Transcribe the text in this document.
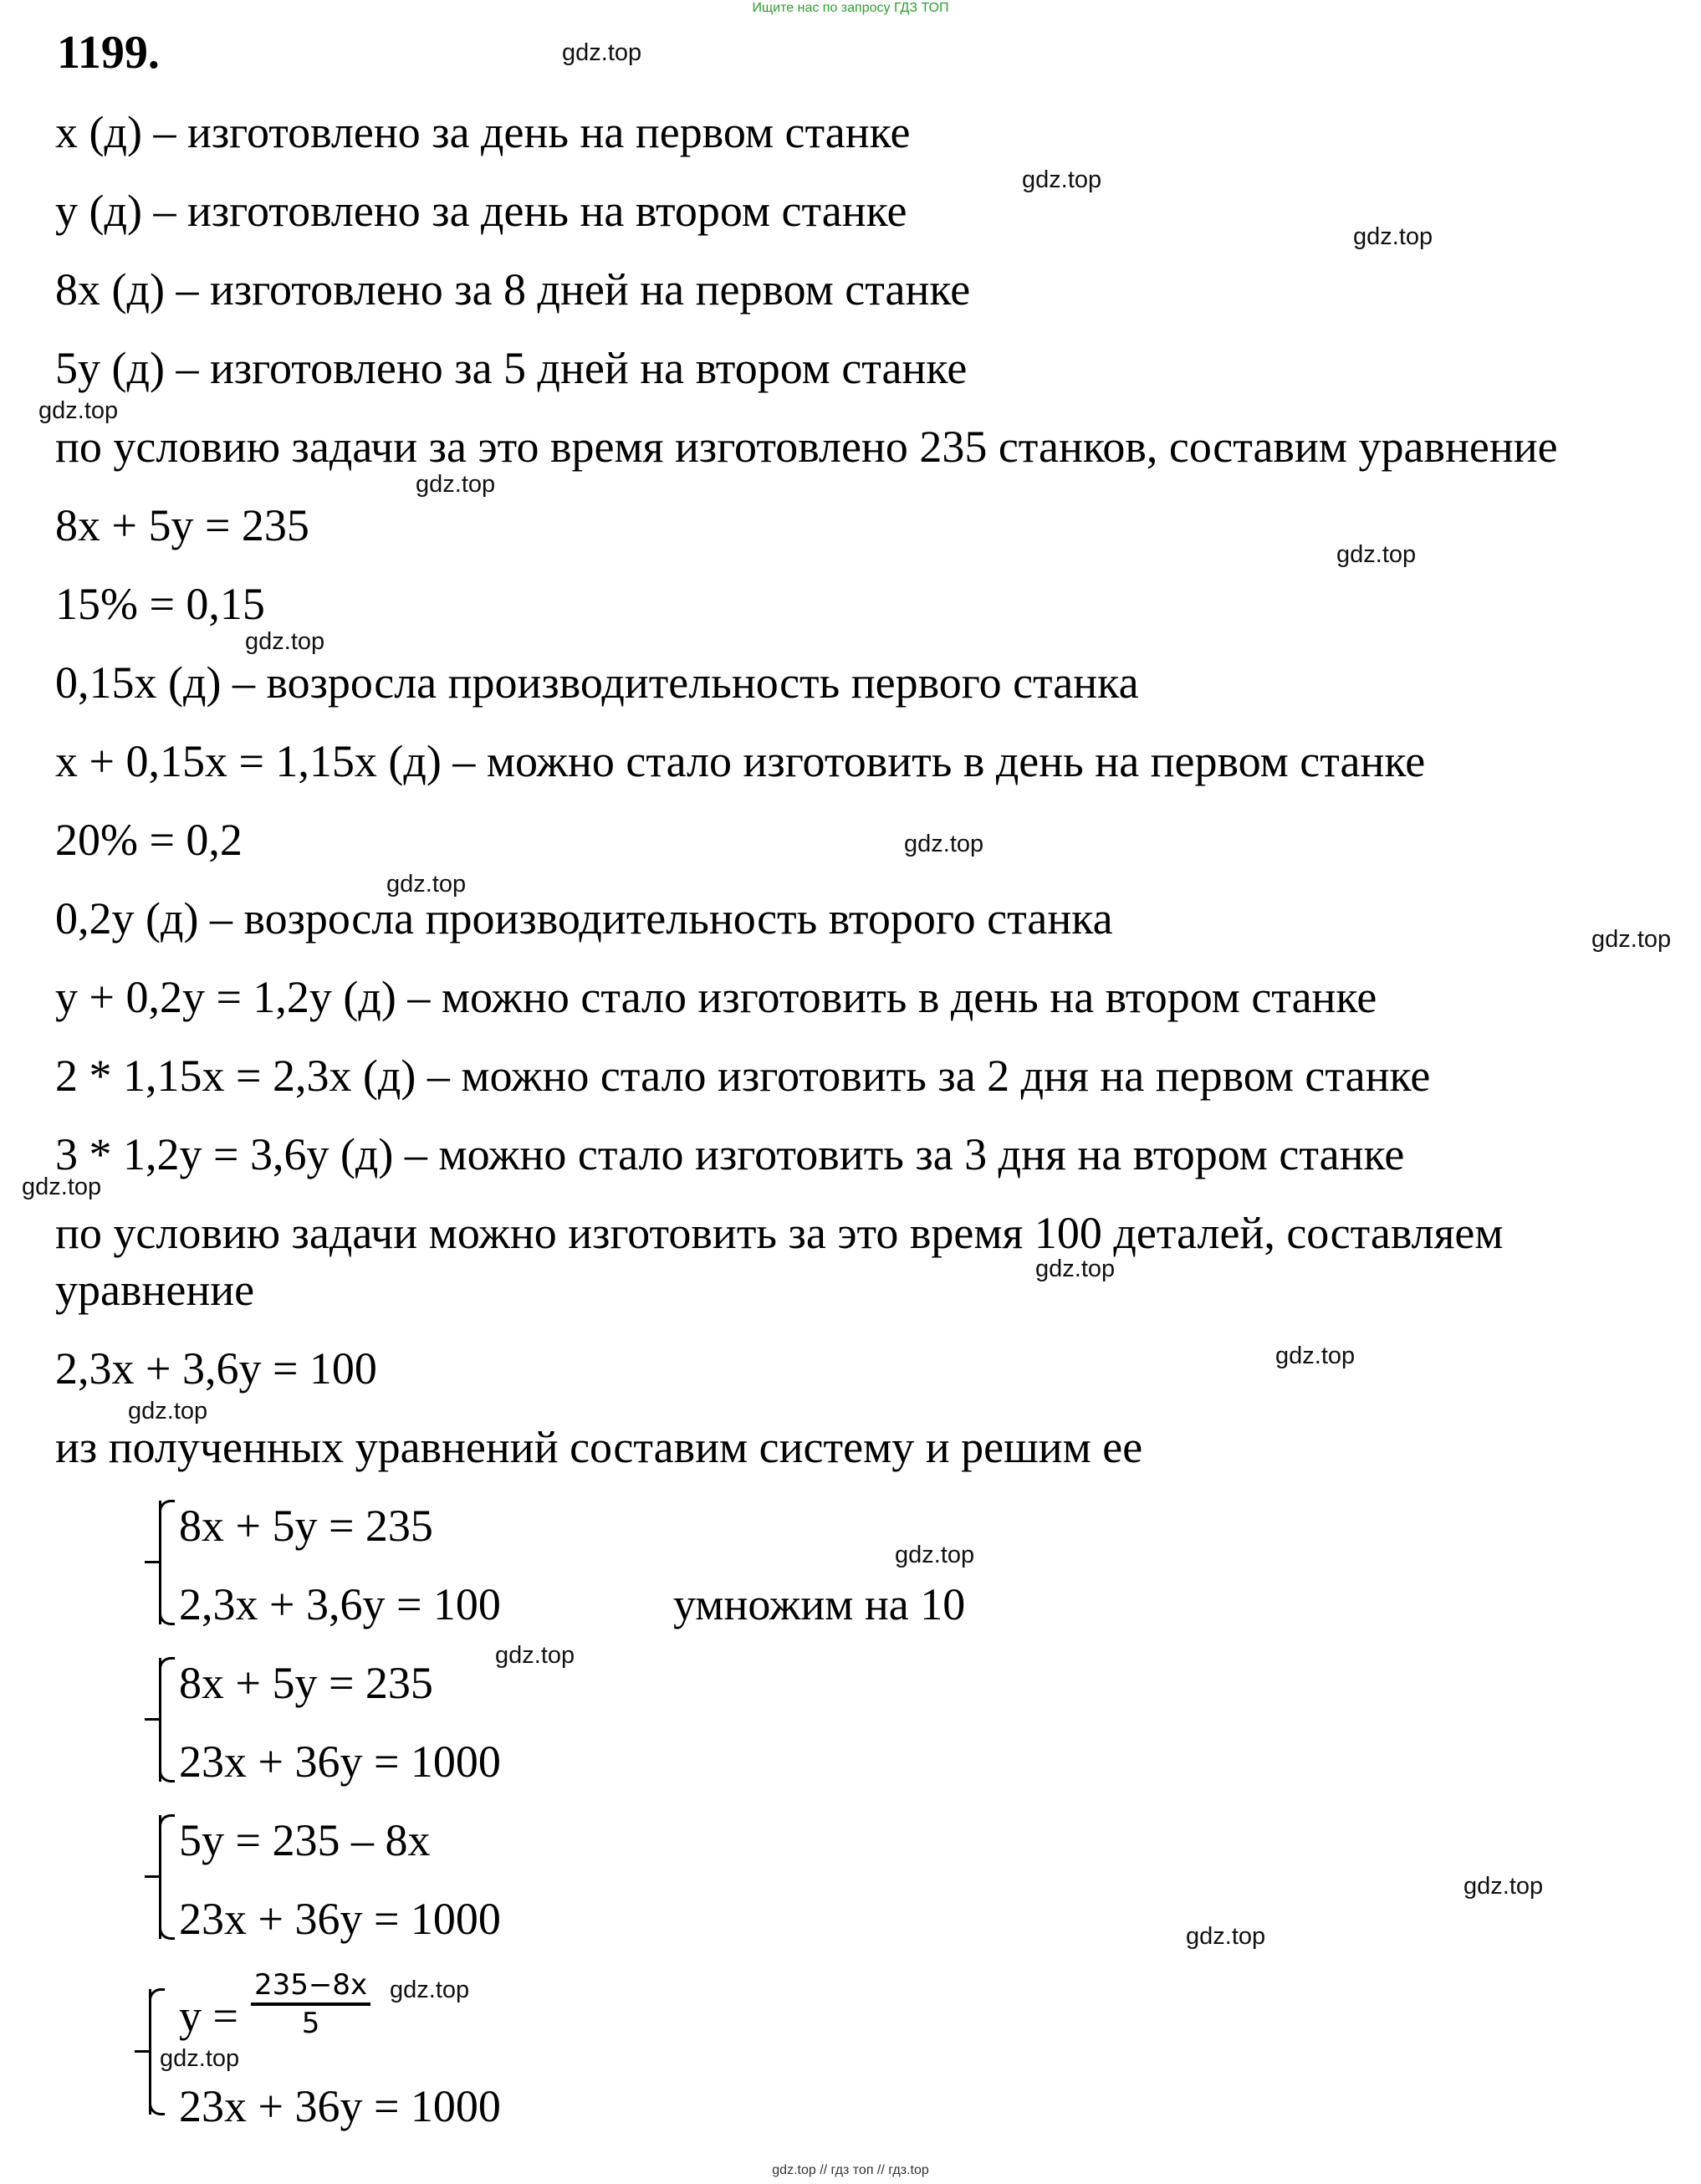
Ищите нас по запросу ГДЗ ТОП
1199.
x (д) – изготовлено за день на первом станке
y (д) – изготовлено за день на втором станке
8x (д) – изготовлено за 8 дней на первом станке
5y (д) – изготовлено за 5 дней на втором станке
по условию задачи за это время изготовлено 235 станков, составим уравнение
8x + 5y = 235
15% = 0,15
0,15x (д) – возросла производительность первого станка
x + 0,15x = 1,15x (д) – можно стало изготовить в день на первом станке
20% = 0,2
0,2y (д) – возросла производительность второго станка
y + 0,2y = 1,2y (д) – можно стало изготовить в день на втором станке
2 * 1,15x = 2,3x (д) – можно стало изготовить за 2 дня на первом станке
3 * 1,2y = 3,6y (д) – можно стало изготовить за 3 дня на втором станке
по условию задачи можно изготовить за это время 100 деталей, составляем
уравнение
2,3x + 3,6y = 100
из полученных уравнений составим систему и решим ее
8x + 5y = 235
2,3x + 3,6y = 100	умножим на 10
8x + 5y = 235
23x + 36y = 1000
5y = 235 – 8x
23x + 36y = 1000
$y = \frac{235-8x}{5}$
23x + 36y = 1000
gdz.top
gdz.top
gdz.top
gdz.top
gdz.top
gdz.top
gdz.top
gdz.top
gdz.top
gdz.top
gdz.top
gdz.top
gdz.top
gdz.top
gdz.top
gdz.top
gdz.top
gdz.top
gdz.top
gdz.top
gdz.top // гдз топ // гдз.top
